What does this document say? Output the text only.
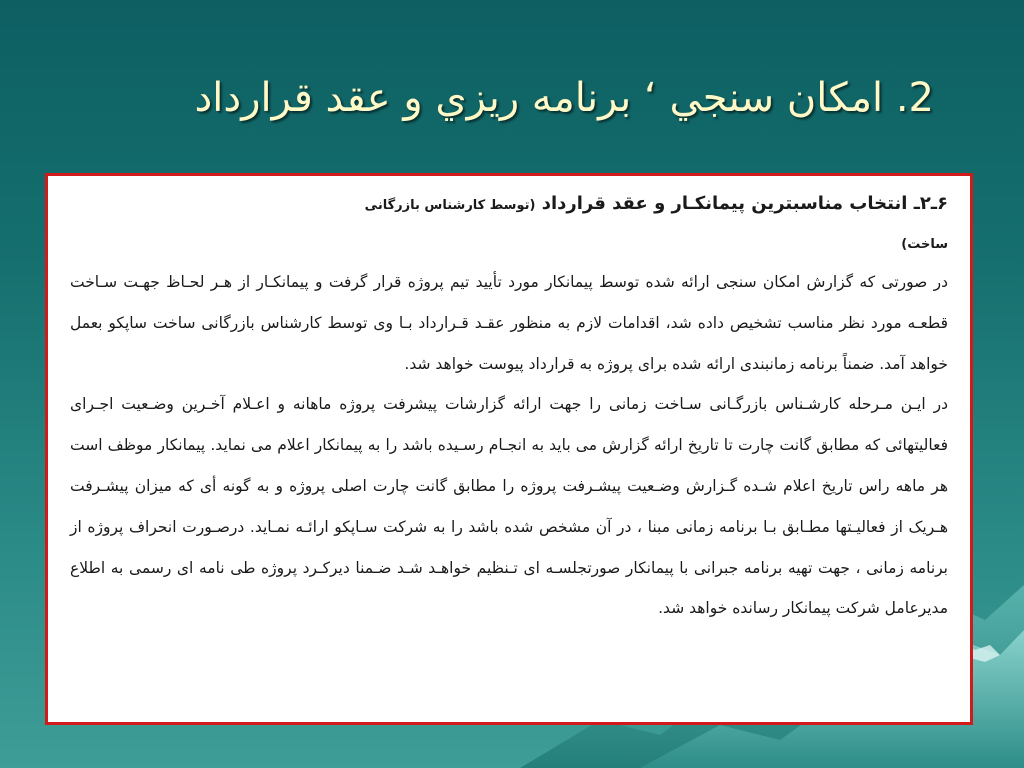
2. امکان سنجي ‘ برنامه ريزي و عقد قرارداد
۶ـ۲ـ انتخاب مناسبترين پيمانكـار و عقد قرارداد (توسط كارشناس بازرگانی
ساخت)

در صورتی كه گزارش امكان سنجی ارائه شده توسط پيمانكار مورد تأييد تيم پروژه قرار گرفت و پيمانكـار از هـر لحـاظ جهـت سـاخت قطعـه مورد نظر مناسب تشخيص داده شد، اقدامات لازم به منظور عقـد قـرارداد بـا وی توسط كارشناس بازرگانی ساخت ساپكو بعمل خواهد آمد. ضمناً برنامه زمانبندی ارائه شده برای پروژه به قرارداد پيوست خواهد شد.

در ايـن مـرحله كارشـناس بازرگـانی سـاخت زمانی را جهت ارائه گزارشات پيشرفت پروژه ماهانه و اعـلام آخـرين وضـعيت اجـرای فعاليتهائی كه مطابق گانت چارت تا تاريخ ارائه گزارش می بايد به انجـام رسـيده باشد را به پيمانكار اعلام می نمايد. پيمانكار موظف است هر ماهه راس تاريخ اعلام شـده گـزارش وضـعيت پيشـرفت پروژه را مطابق گانت چارت اصلی پروژه و به گونه أی كه ميزان پيشـرفت هـريک از فعاليـتها مطـابق بـا برنامه زمانی مبنا ، در آن مشخص شده باشد را به شركت سـاپكو ارائـه نمـايد. درصـورت انحراف پروژه از برنامه زمانی ، جهت تهيه برنامه جبرانی با پيمانكار صورتجلسـه ای تـنظيم خواهـد شـد ضـمنا ديركـرد پروژه طی نامه ای رسمی به اطلاع مديرعامل شركت پيمانكار رسانده خواهد شد.
